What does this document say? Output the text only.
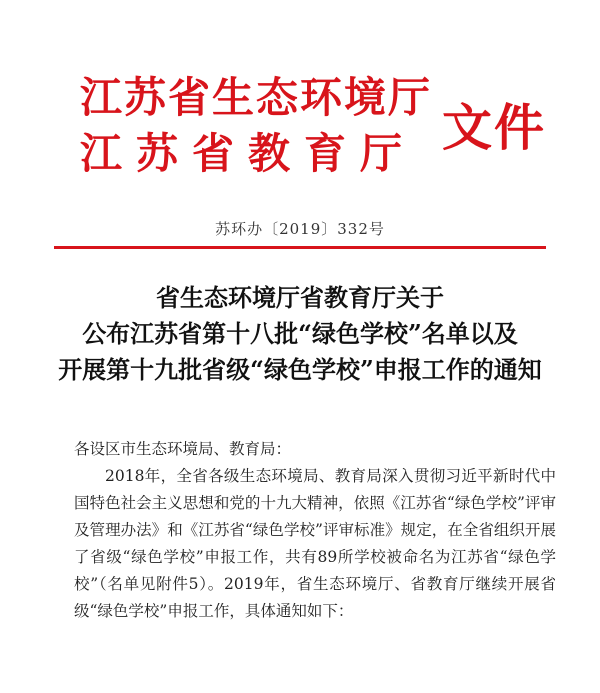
江苏省生态环境厅
江苏省教育厅 文件
苏环办〔2019〕332号
省生态环境厅省教育厅关于
公布江苏省第十八批“绿色学校”名单以及
开展第十九批省级“绿色学校”申报工作的通知
各设区市生态环境局、教育局：
2018年，全省各级生态环境局、教育局深入贯彻习近平新时代中国特色社会主义思想和党的十九大精神，依照《江苏省“绿色学校”评审及管理办法》和《江苏省“绿色学校”评审标准》规定，在全省组织开展了省级“绿色学校”申报工作，共有89所学校被命名为江苏省“绿色学校”（名单见附件5）。2019年，省生态环境厅、省教育厅继续开展省级“绿色学校”申报工作，具体通知如下：
